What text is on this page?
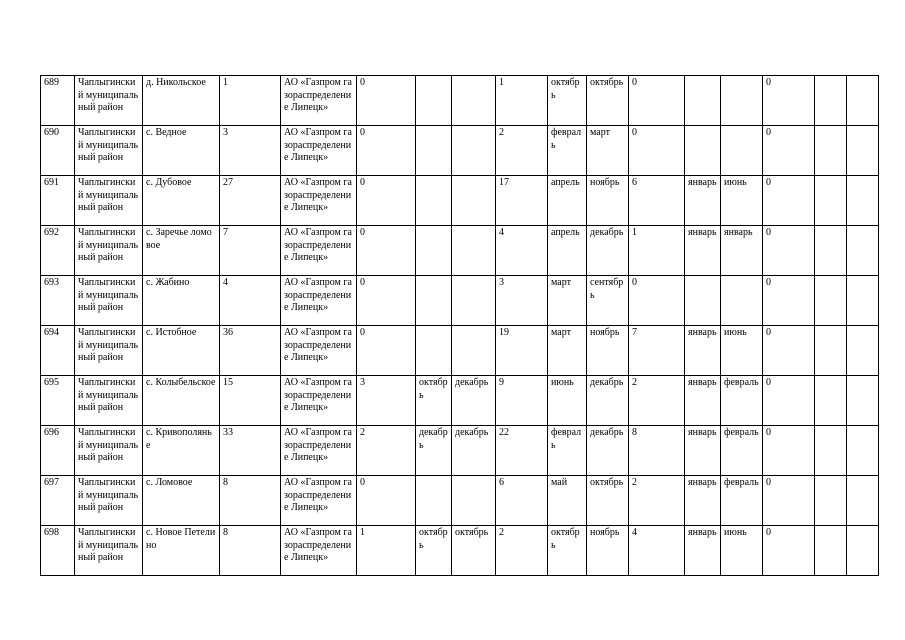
689	Чаплыгинский муниципальный район	д. Никольское	1	АО «Газпром газораспределение Липецк»	0			1	октябрь	октябрь	0			0		
690	Чаплыгинский муниципальный район	с. Ведное	3	АО «Газпром газораспределение Липецк»	0			2	февраль	март	0			0		
691	Чаплыгинский муниципальный район	с. Дубовое	27	АО «Газпром газораспределение Липецк»	0			17	апрель	ноябрь	6	январь	июнь	0		
692	Чаплыгинский муниципальный район	с. Заречье ломовое	7	АО «Газпром газораспределение Липецк»	0			4	апрель	декабрь	1	январь	январь	0		
693	Чаплыгинский муниципальный район	с. Жабино	4	АО «Газпром газораспределение Липецк»	0			3	март	сентябрь	0			0		
694	Чаплыгинский муниципальный район	с. Истобное	36	АО «Газпром газораспределение Липецк»	0			19	март	ноябрь	7	январь	июнь	0		
695	Чаплыгинский муниципальный район	с. Колыбельское	15	АО «Газпром газораспределение Липецк»	3	октябрь	декабрь	9	июнь	декабрь	2	январь	февраль	0		
696	Чаплыгинский муниципальный район	с. Кривополянье	33	АО «Газпром газораспределение Липецк»	2	декабрь	декабрь	22	февраль	декабрь	8	январь	февраль	0		
697	Чаплыгинский муниципальный район	с. Ломовое	8	АО «Газпром газораспределение Липецк»	0			6	май	октябрь	2	январь	февраль	0		
698	Чаплыгинский муниципальный район	с. Новое Петелино	8	АО «Газпром газораспределение Липецк»	1	октябрь	октябрь	2	октябрь	ноябрь	4	январь	июнь	0		
